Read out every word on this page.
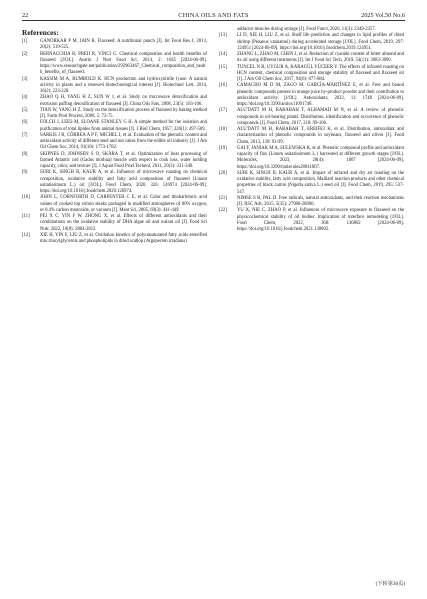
22	CHINA OILS AND FATS	2025 Vol.50 No.6
References:
[1]	GANORKAR P M, JAIN R. Flaxseed: A nutritional punch [J]. Int Food Res J, 2013, 20(2): 519-525.
[2]	BERNACCHIA R, PREII R, VINCI G. Chemical composition and health benefits of flaxseed [J/OL]. Austin J Nutr Food Sci, 2014, 2: 1045 [2024-06-09]. https://www.researchgate.net/publication/292963467_Chemical_composition_and_health_benefits_of_flaxseed.
[3]	KASSIM M A, RUMBOLD K. HCN production and hydroxynitrile lyase: A natural activity in plants and a renewed biotechnological interest [J]. Biotechnol Lett, 2014, 36(2): 223-228.
[4]	ZHAO Q H, YANG H Z, SUN W J, et al. Study on microwave detoxification and extrusion puffing detoxification of flaxseed [J]. China Oils Fats, 2008, 23(5): 103-106.
[5]	TIAN W, YANG H Z. Study on the detoxification process of flaxseed by baking method [J]. Farm Prod Process, 2008, 5: 73-75.
[6]	FOLCH J, LEES M, SLOANE STANLEY G H. A simple method for the isolation and purification of total lipides from animal tissues [J]. J Biol Chem, 1957, 226(1): 497-509.
[7]	SARKIS J R, CÔRREA A P F, MICHEL I, et al. Evaluation of the phenolic content and antioxidant activity of different seed and nut cakes from the edible oil industry [J]. J Am Oil Chem Soc, 2014, 91(10): 1773-1782.
[8]	SKIPNES D, JOHNSEN S O, SKÅRA T, et al. Optimization of heat processing of farmed Atlantic cod (Gadus morhua) muscle with respect to cook loss, water holding capacity, color, and texture [J]. J Aquat Food Prod Technol, 2011, 20(3): 331-340.
[9]	SURI K, SINGH B, KAUR A, et al. Influence of microwave roasting on chemical composition, oxidative stability and fatty acid composition of flaxseed (Linum usitatissimum L.) oil [J/OL]. Food Chem, 2020, 326: 126974 [2024-06-09]. https://doi.org/10.1016/j.foodchem.2020.126974.
[10]	JOHN L, CORNFORTH D, CARPENTER C E, et al. Color and thiobarbituric acid values of cooked top sirloin steaks packaged in modified atmospheres of 80% oxygen, or 0.4% carbon monoxide, or vacuum [J]. Meat Sci, 2005, 69(3): 441-449.
[11]	PEI X C, YIN F W, ZHONG X, et al. Effects of different antioxidants and their combinations on the oxidative stability of DHA algae oil and walnut oil [J]. Food Sci Nutr, 2022, 10(8): 2804-2812.
[12]	XIE H, YIN F, LIU Z, et al. Oxidation kinetics of polyunsaturated fatty acids esterified into triacylglycerols and phospholipids in dried scallop (Argopecten irradians)
adductor muscles during storage [J]. Food Funct, 2020, 11(3): 2349-2357.
[13]	LI D, XIE H, LIU Z, et al. Shelf life prediction and changes in lipid profiles of dried shrimp (Penaeus vannamei) during accelerated storage [J/OL]. Food Chem, 2019, 297: 124951 [2024-06-09]. https://doi.org/10.1016/j.foodchem.2019.124951.
[14]	ZHANG L, ZHAO M, CHEN J, et al. Reduction of cyanide content of bitter almond and its oil using different treatments [J]. Int J Food Sci Tech, 2019, 54(11): 3083-3090.
[15]	TUNCEL N B, UYGUR A, KARAGÜL YÜCEER Y. The effects of infrared roasting on HCN content, chemical composition and storage stability of flaxseed and flaxseed oil [J]. J Am Oil Chem Soc, 2017, 94(6): 877-884.
[16]	CAMACHO M D M, ZAGO M, GARCÍA-MARTÍNEZ E, et al. Free and bound phenolic compounds present in orange juice by-product powder and their contribution to antioxidant activity [J/OL]. Antioxidants, 2022, 11: 1748 [2024-06-09]. https://doi.org/10.3390/antiox11091748.
[17]	ALU'DATT M H, RABABAH T, ALHAMAD M N, et al. A review of phenolic compounds in oil-bearing plants: Distribution, identification and occurrence of phenolic compounds [J]. Food Chem, 2017, 218: 99-106.
[18]	ALU'DATT M H, RABABAH T, EREIFEJ K, et al. Distribution, antioxidant and characterisation of phenolic compounds in soybeans, flaxseed and olives [J]. Food Chem, 2013, 139: 93-99.
[19]	GAI F, JANIAK M A, SULEWSKA K, et al. Phenolic compound profile and antioxidant capacity of flax (Linum usitatissimum L.) harvested at different growth stages [J/OL]. Molecules, 2023, 28(4): 1807 [2024-06-09]. https://doi.org/10.3390/molecules28041807.
[20]	SURI K, SINGH B, KAUR A, et al. Impact of infrared and dry air roasting on the oxidative stability, fatty acid composition, Maillard reaction products and other chemical properties of black cumin (Nigella sativa L.) seed oil [J]. Food Chem, 2019, 295: 537-547.
[21]	NIMSE S B, PAL D. Free radicals, natural antioxidants, and their reaction mechanisms [J]. RSC Adv, 2015, 5(35): 27986-28006.
[22]	YU X, NIE C, ZHAO P, et al. Influences of microwave exposure to flaxseed on the physicochemical stability of oil bodies: Implication of interface remodeling [J/OL]. Food Chem, 2022, 368: 130802 [2024-06-09]. https://doi.org/10.1016/j.foodchem.2021.130802.
(下转第30页)
